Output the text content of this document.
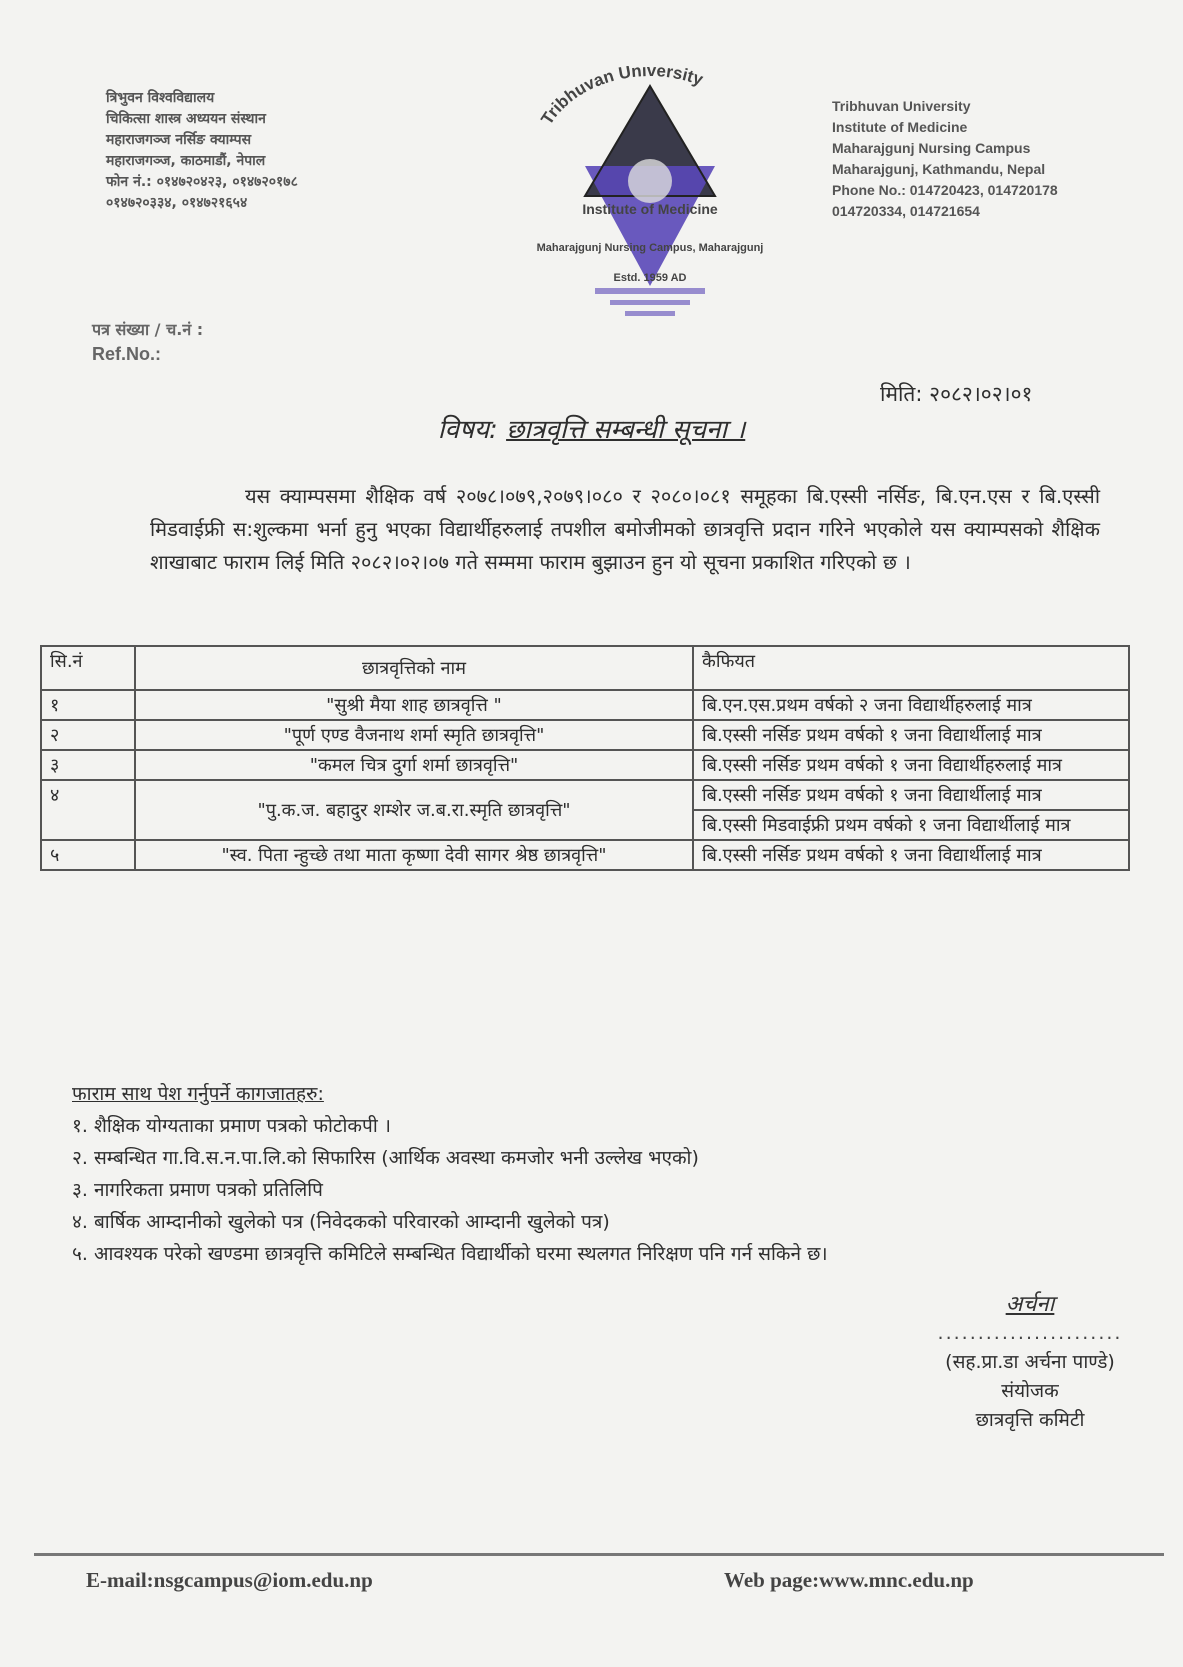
त्रिभुवन विश्वविद्यालय
चिकित्सा शास्त्र अध्ययन संस्थान
महाराजगञ्ज नर्सिङ क्याम्पस
महाराजगञ्ज, काठमाडौं, नेपाल
फोन नं.: ०१४७२०४२३, ०१४७२०१७८
०१४७२०३३४, ०१४७२१६५४
Tribhuvan University
Institute of Medicine
Maharajgunj Nursing Campus, Maharajgunj
Estd. 1959 AD
Tribhuvan University
Institute of Medicine
Maharajgunj Nursing Campus
Maharajgunj, Kathmandu, Nepal
Phone No.: 014720423, 014720178
014720334, 014721654
पत्र संख्या / च.नं :
Ref.No.:
मिति: २०८२।०२।०१
विषय: छात्रवृत्ति सम्बन्धी सूचना ।
यस क्याम्पसमा शैक्षिक वर्ष २०७८।०७९,२०७९।०८० र २०८०।०८१ समूहका बि.एस्सी नर्सिङ, बि.एन.एस र बि.एस्सी मिडवाईफ्री स:शुल्कमा भर्ना हुनु भएका विद्यार्थीहरुलाई तपशील बमोजीमको छात्रवृत्ति प्रदान गरिने भएकोले यस क्याम्पसको शैक्षिक शाखाबाट फाराम लिई मिति २०८२।०२।०७ गते सम्ममा फाराम बुझाउन हुन यो सूचना प्रकाशित गरिएको छ ।
सि.नं	छात्रवृत्तिको नाम	कैफियत
१	"सुश्री मैया शाह छात्रवृत्ति "	बि.एन.एस.प्रथम वर्षको २ जना विद्यार्थीहरुलाई मात्र
२	"पूर्ण एण्ड वैजनाथ शर्मा स्मृति छात्रवृत्ति"	बि.एस्सी नर्सिङ प्रथम वर्षको १ जना विद्यार्थीलाई मात्र
३	"कमल चित्र दुर्गा शर्मा छात्रवृत्ति"	बि.एस्सी नर्सिङ प्रथम वर्षको १ जना विद्यार्थीहरुलाई मात्र
४	"पु.क.ज. बहादुर शम्शेर ज.ब.रा.स्मृति छात्रवृत्ति"	बि.एस्सी नर्सिङ प्रथम वर्षको १ जना विद्यार्थीलाई मात्र
		बि.एस्सी मिडवाईफ्री प्रथम वर्षको १ जना विद्यार्थीलाई मात्र
५	"स्व. पिता न्हुच्छे तथा माता कृष्णा देवी सागर श्रेष्ठ छात्रवृत्ति"	बि.एस्सी नर्सिङ प्रथम वर्षको १ जना विद्यार्थीलाई मात्र
फाराम साथ पेश गर्नुपर्ने कागजातहरु:
१. शैक्षिक योग्यताका प्रमाण पत्रको फोटोकपी ।
२. सम्बन्धित गा.वि.स.न.पा.लि.को सिफारिस (आर्थिक अवस्था कमजोर भनी उल्लेख भएको)
३. नागरिकता प्रमाण पत्रको प्रतिलिपि
४. बार्षिक आम्दानीको खुलेको पत्र (निवेदकको परिवारको आम्दानी खुलेको पत्र)
५. आवश्यक परेको खण्डमा छात्रवृत्ति कमिटिले सम्बन्धित विद्यार्थीको घरमा स्थलगत निरिक्षण पनि गर्न सकिने छ।
अर्चना
.......................
(सह.प्रा.डा अर्चना पाण्डे)
संयोजक
छात्रवृत्ति कमिटी
E-mail:nsgcampus@iom.edu.np	Web page:www.mnc.edu.np
